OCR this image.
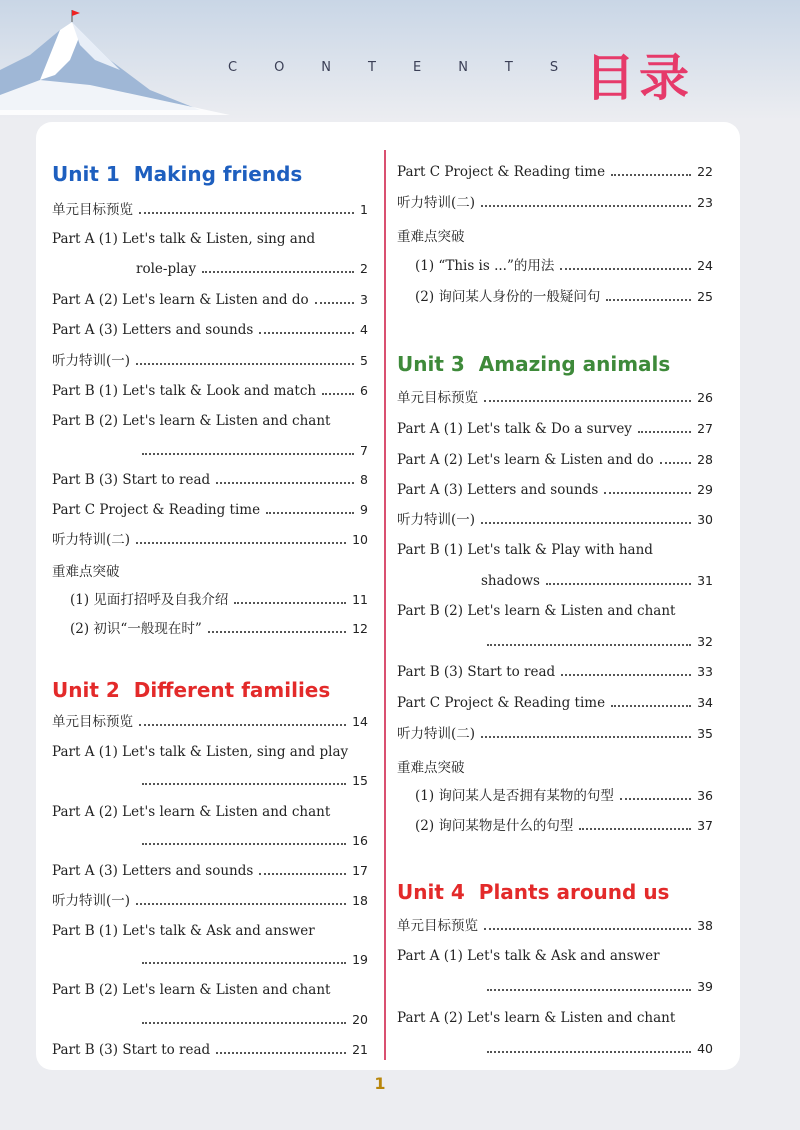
CONTENTS
目录
Unit 1 Making friends
单元目标预览	1
Part A (1) Let's talk & Listen, sing and
role-play	2
Part A (2) Let's learn & Listen and do	3
Part A (3) Letters and sounds	4
听力特训(一)	5
Part B (1) Let's talk & Look and match	6
Part B (2) Let's learn & Listen and chant
7
Part B (3) Start to read	8
Part C Project & Reading time	9
听力特训(二)	10
重难点突破
(1) 见面打招呼及自我介绍	11
(2) 初识“一般现在时”	12
Unit 2 Different families
单元目标预览	14
Part A (1) Let's talk & Listen, sing and play
15
Part A (2) Let's learn & Listen and chant
16
Part A (3) Letters and sounds	17
听力特训(一)	18
Part B (1) Let's talk & Ask and answer
19
Part B (2) Let's learn & Listen and chant
20
Part B (3) Start to read	21
Part C Project & Reading time	22
听力特训(二)	23
重难点突破
(1) “This is ...”的用法	24
(2) 询问某人身份的一般疑问句	25
Unit 3 Amazing animals
单元目标预览	26
Part A (1) Let's talk & Do a survey	27
Part A (2) Let's learn & Listen and do	28
Part A (3) Letters and sounds	29
听力特训(一)	30
Part B (1) Let's talk & Play with hand
shadows	31
Part B (2) Let's learn & Listen and chant
32
Part B (3) Start to read	33
Part C Project & Reading time	34
听力特训(二)	35
重难点突破
(1) 询问某人是否拥有某物的句型	36
(2) 询问某物是什么的句型	37
Unit 4 Plants around us
单元目标预览	38
Part A (1) Let's talk & Ask and answer
39
Part A (2) Let's learn & Listen and chant
40
1
